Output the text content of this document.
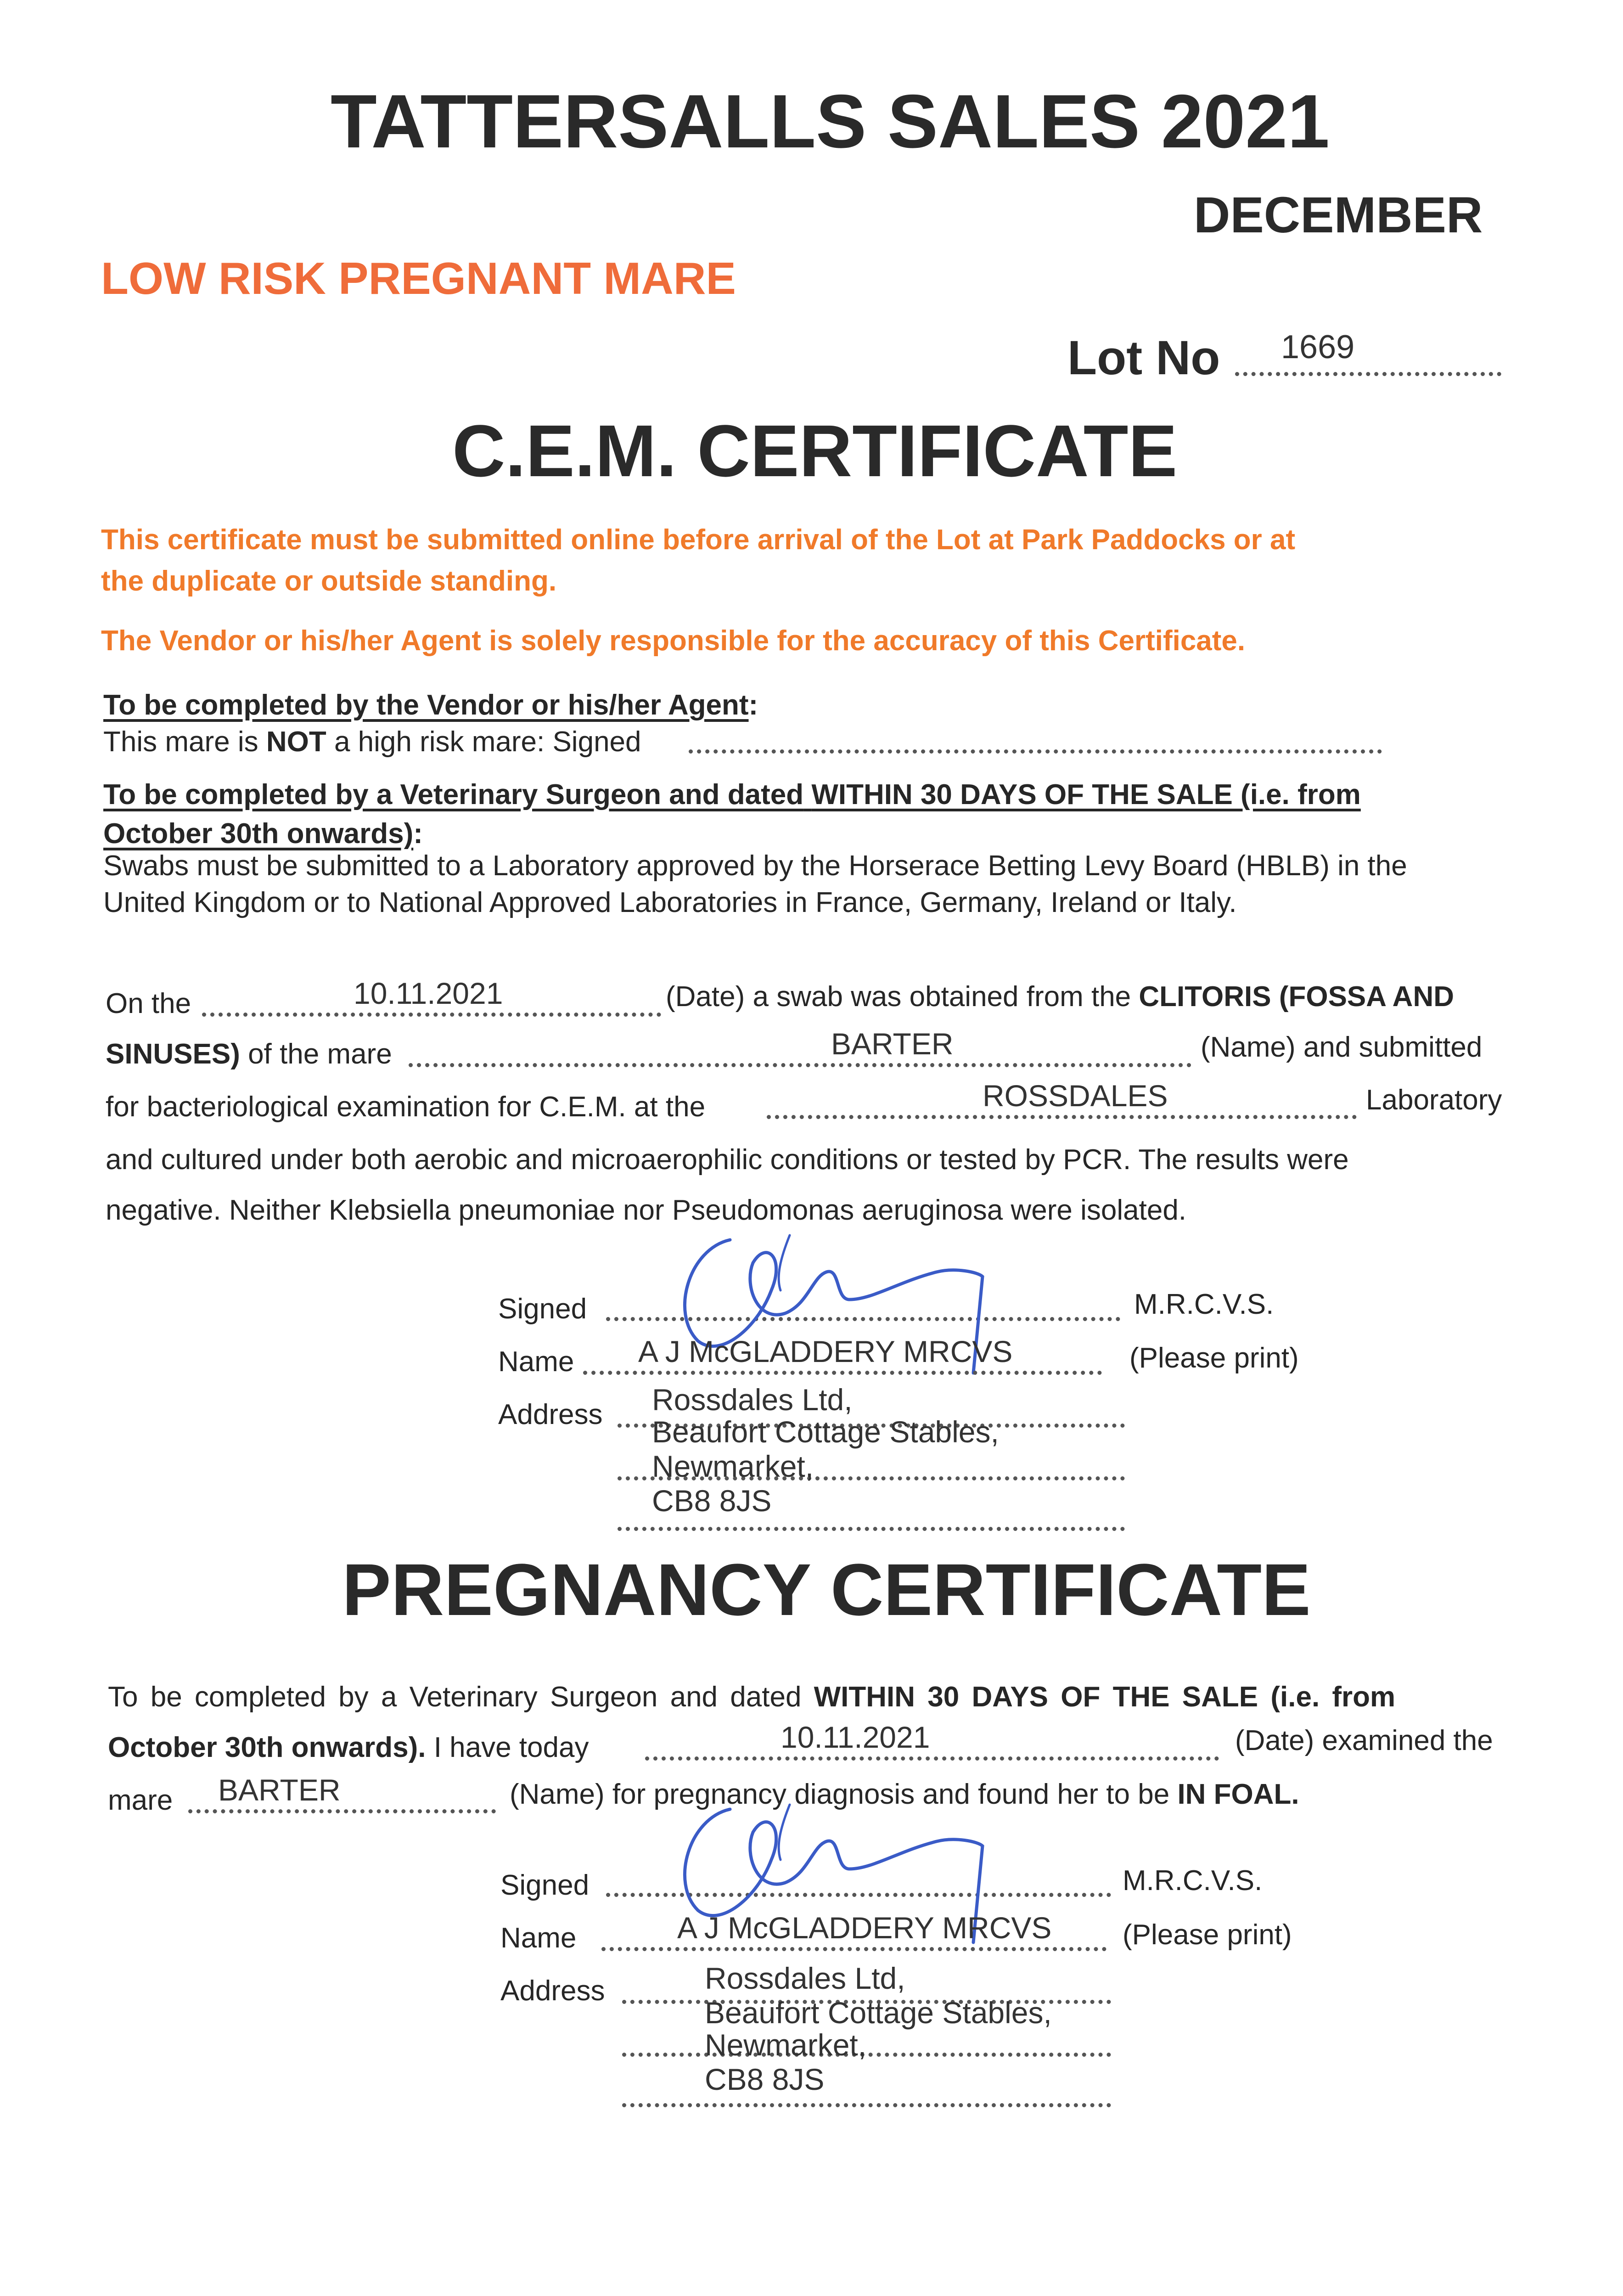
TATTERSALLS SALES 2021
DECEMBER
LOW RISK PREGNANT MARE
Lot No 1669
C.E.M. CERTIFICATE
This certificate must be submitted online before arrival of the Lot at Park Paddocks or at
the duplicate or outside standing.
The Vendor or his/her Agent is solely responsible for the accuracy of this Certificate.
To be completed by the Vendor or his/her Agent:
This mare is NOT a high risk mare: Signed
To be completed by a Veterinary Surgeon and dated WITHIN 30 DAYS OF THE SALE (i.e. from
October 30th onwards):
Swabs must be submitted to a Laboratory approved by the Horserace Betting Levy Board (HBLB) in the
United Kingdom or to National Approved Laboratories in France, Germany, Ireland or Italy.
On the	10.11.2021	(Date) a swab was obtained from the CLITORIS (FOSSA AND
SINUSES) of the mare	BARTER	(Name) and submitted
for bacteriological examination for C.E.M. at the	ROSSDALES	Laboratory
and cultured under both aerobic and microaerophilic conditions or tested by PCR. The results were
negative. Neither Klebsiella pneumoniae nor Pseudomonas aeruginosa were isolated.
Signed	M.R.C.V.S.
Name A J McGLADDERY MRCVS	(Please print)
Address Rossdales Ltd,
Beaufort Cottage Stables,
Newmarket,
CB8 8JS
PREGNANCY CERTIFICATE
To be completed by a Veterinary Surgeon and dated WITHIN 30 DAYS OF THE SALE (i.e. from
October 30th onwards). I have today	10.11.2021	(Date) examined the
mare BARTER	(Name) for pregnancy diagnosis and found her to be IN FOAL.
Signed	M.R.C.V.S.
Name	A J McGLADDERY MRCVS (Please print)
Address	Rossdales Ltd,
Beaufort Cottage Stables,
Newmarket,
CB8 8JS
